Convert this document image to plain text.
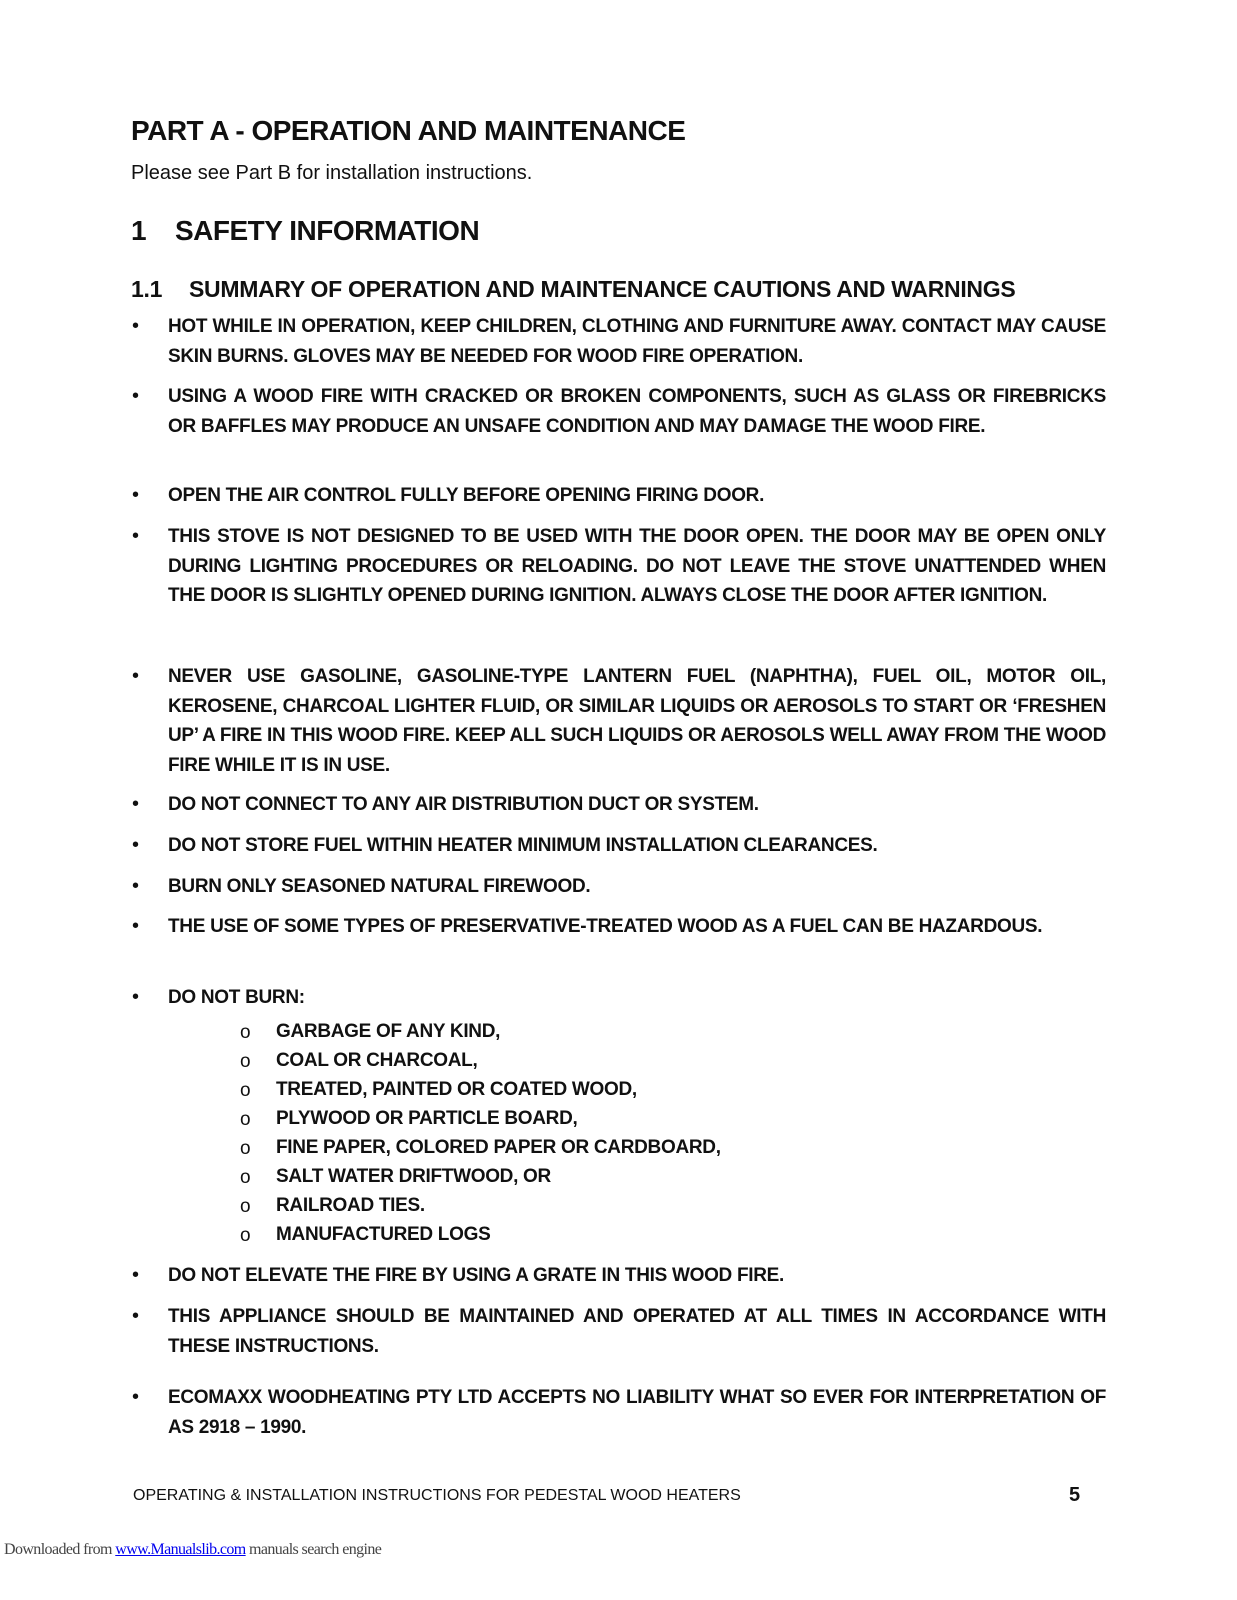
PART A - OPERATION AND MAINTENANCE

Please see Part B for installation instructions.

1 SAFETY INFORMATION
1.1 SUMMARY OF OPERATION AND MAINTENANCE CAUTIONS AND WARNINGS
• HOT WHILE IN OPERATION, KEEP CHILDREN, CLOTHING AND FURNITURE AWAY. CONTACT MAY CAUSE SKIN BURNS. GLOVES MAY BE NEEDED FOR WOOD FIRE OPERATION.
• USING A WOOD FIRE WITH CRACKED OR BROKEN COMPONENTS, SUCH AS GLASS OR FIREBRICKS OR BAFFLES MAY PRODUCE AN UNSAFE CONDITION AND MAY DAMAGE THE WOOD FIRE.
• OPEN THE AIR CONTROL FULLY BEFORE OPENING FIRING DOOR.
• THIS STOVE IS NOT DESIGNED TO BE USED WITH THE DOOR OPEN. THE DOOR MAY BE OPEN ONLY DURING LIGHTING PROCEDURES OR RELOADING. DO NOT LEAVE THE STOVE UNATTENDED WHEN THE DOOR IS SLIGHTLY OPENED DURING IGNITION. ALWAYS CLOSE THE DOOR AFTER IGNITION.
• NEVER USE GASOLINE, GASOLINE-TYPE LANTERN FUEL (NAPHTHA), FUEL OIL, MOTOR OIL, KEROSENE, CHARCOAL LIGHTER FLUID, OR SIMILAR LIQUIDS OR AEROSOLS TO START OR ‘FRESHEN UP’ A FIRE IN THIS WOOD FIRE. KEEP ALL SUCH LIQUIDS OR AEROSOLS WELL AWAY FROM THE WOOD FIRE WHILE IT IS IN USE.
• DO NOT CONNECT TO ANY AIR DISTRIBUTION DUCT OR SYSTEM.
• DO NOT STORE FUEL WITHIN HEATER MINIMUM INSTALLATION CLEARANCES.
• BURN ONLY SEASONED NATURAL FIREWOOD.
• THE USE OF SOME TYPES OF PRESERVATIVE-TREATED WOOD AS A FUEL CAN BE HAZARDOUS.
• DO NOT BURN:
o GARBAGE OF ANY KIND,
o COAL OR CHARCOAL,
o TREATED, PAINTED OR COATED WOOD,
o PLYWOOD OR PARTICLE BOARD,
o FINE PAPER, COLORED PAPER OR CARDBOARD,
o SALT WATER DRIFTWOOD, OR
o RAILROAD TIES.
o MANUFACTURED LOGS
• DO NOT ELEVATE THE FIRE BY USING A GRATE IN THIS WOOD FIRE.
• THIS APPLIANCE SHOULD BE MAINTAINED AND OPERATED AT ALL TIMES IN ACCORDANCE WITH THESE INSTRUCTIONS.
• ECOMAXX WOODHEATING PTY LTD ACCEPTS NO LIABILITY WHAT SO EVER FOR INTERPRETATION OF AS 2918 – 1990.
OPERATING & INSTALLATION INSTRUCTIONS FOR PEDESTAL WOOD HEATERS	5
Downloaded from www.Manualslib.com manuals search engine
